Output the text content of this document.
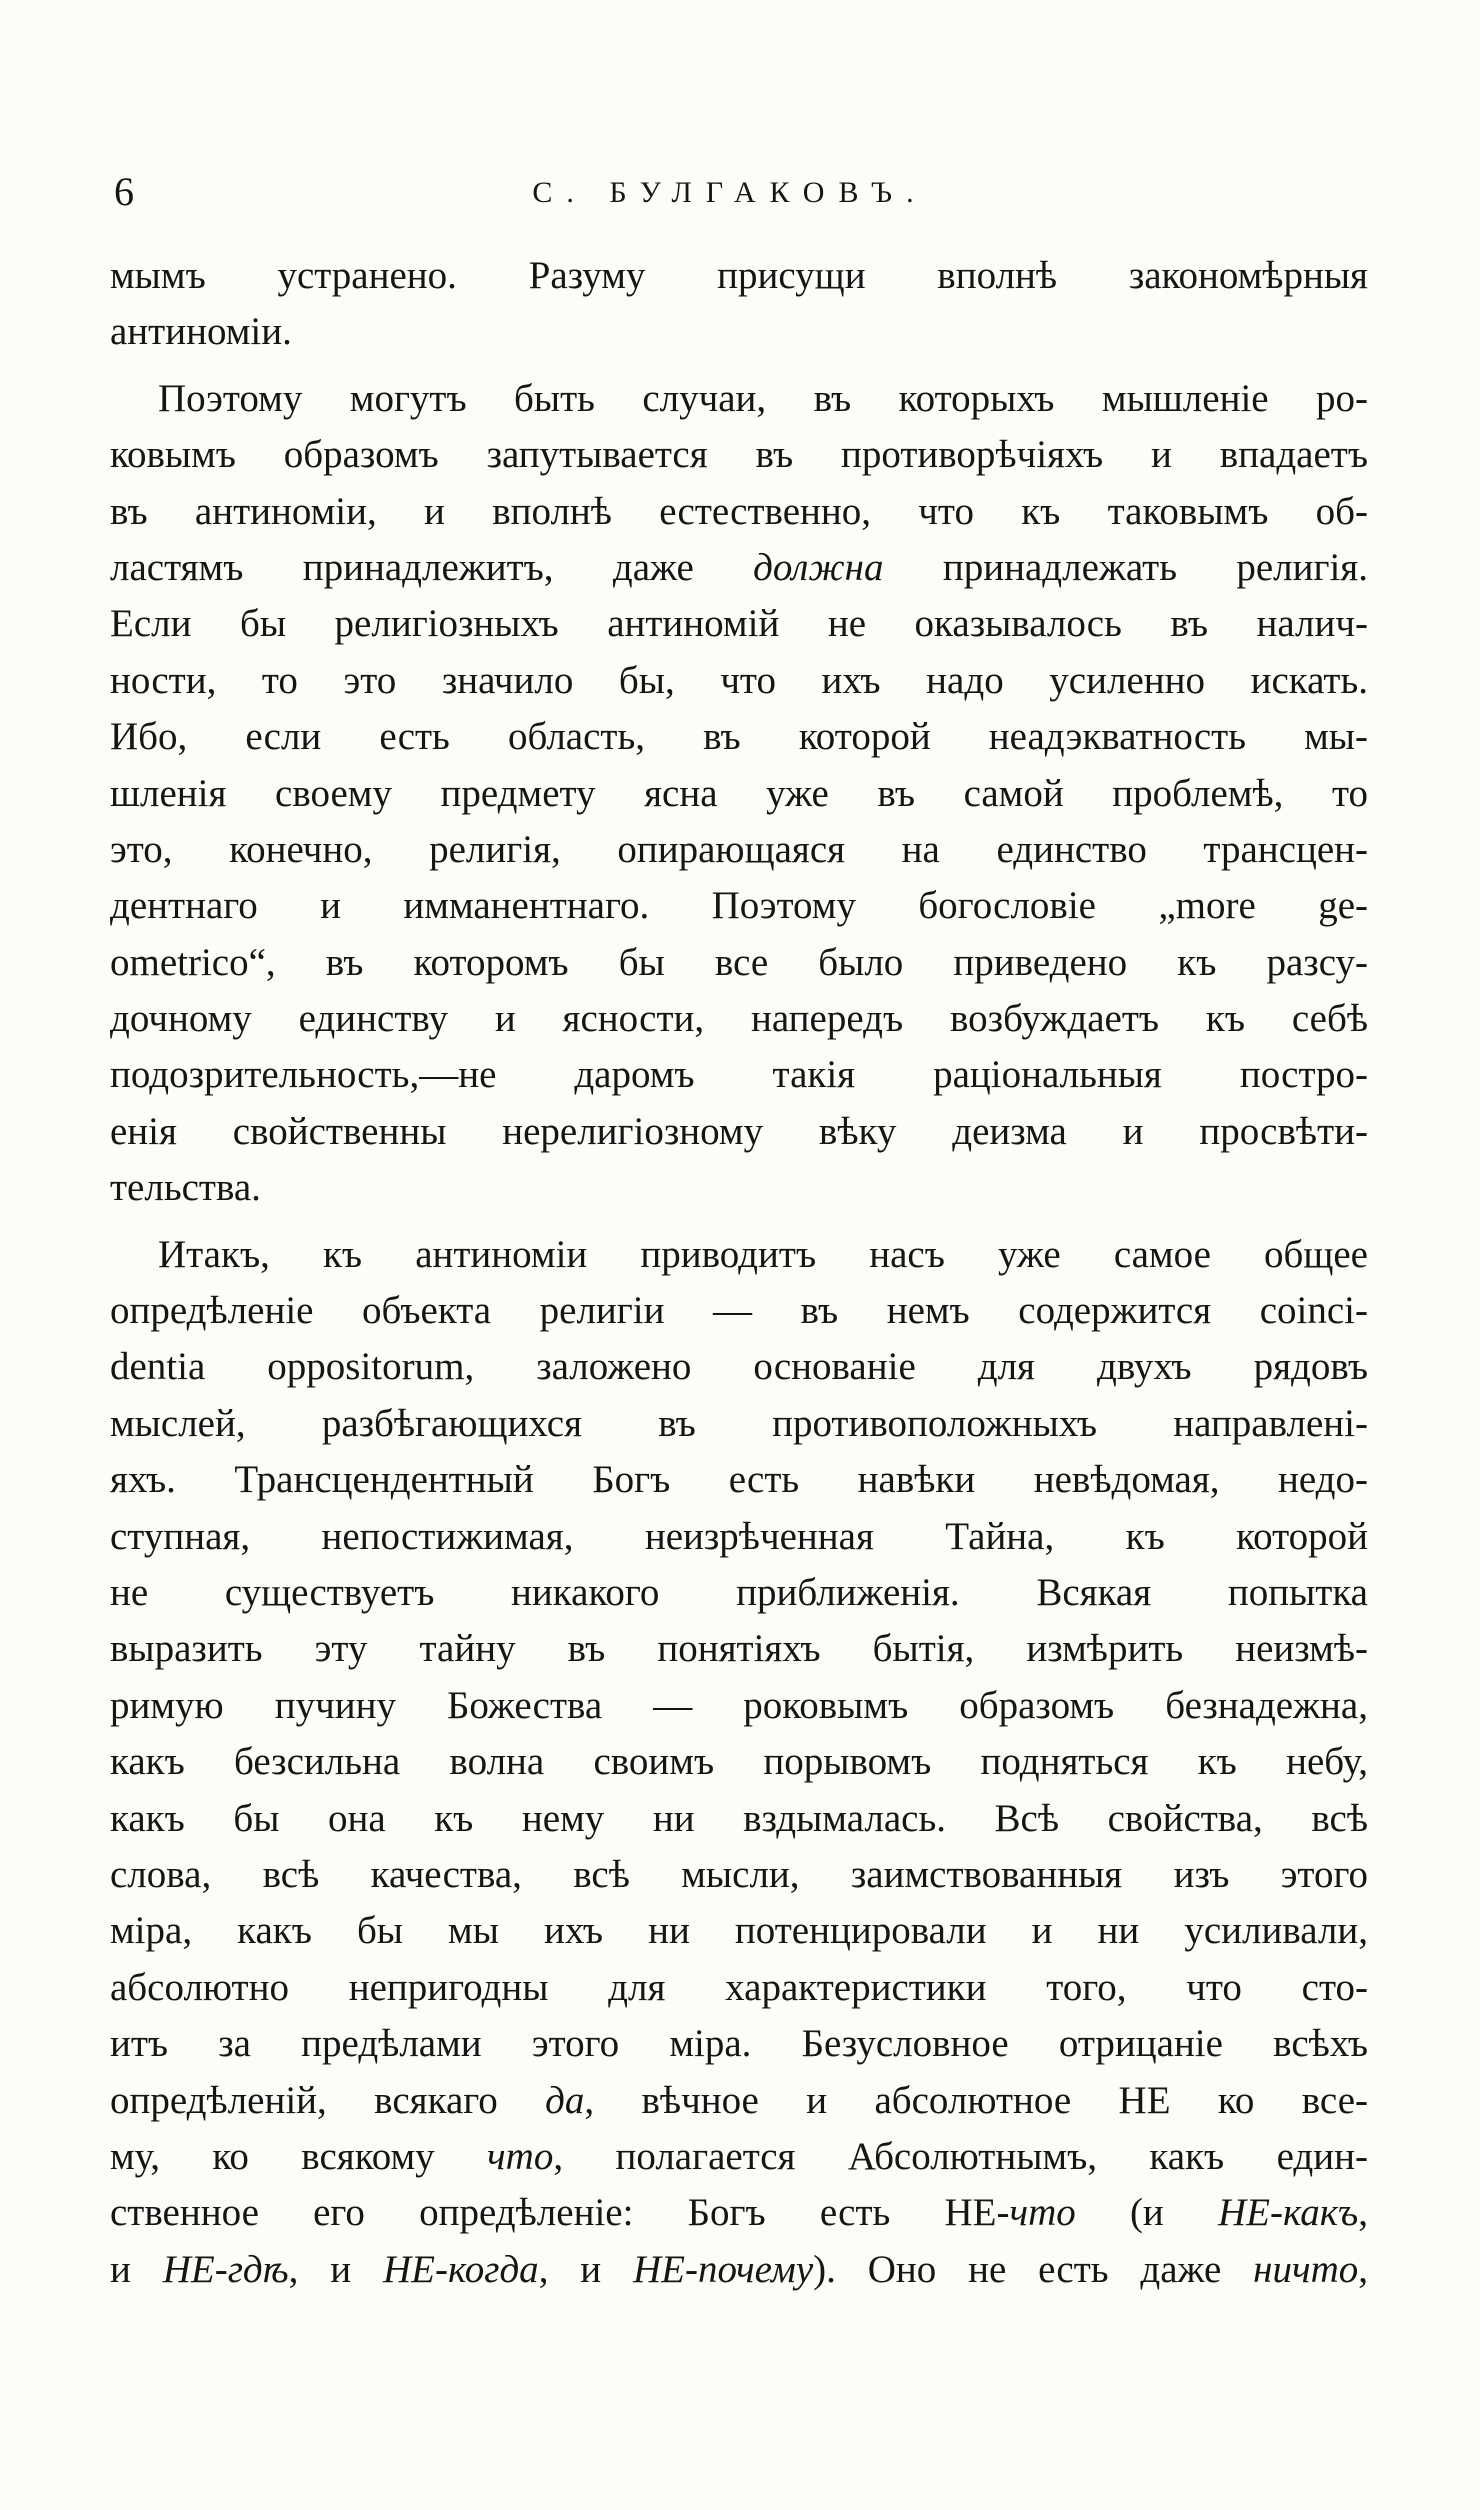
6	С. БУЛГАКОВЪ.
мымъ устранено. Разуму присущи вполнѣ закономѣрныя
антиноміи.
Поэтому могутъ быть случаи, въ которыхъ мышленіе ро-
ковымъ образомъ запутывается въ противорѣчіяхъ и впадаетъ
въ антиноміи, и вполнѣ естественно, что къ таковымъ об-
ластямъ принадлежитъ, даже должна принадлежать религія.
Если бы религіозныхъ антиномій не оказывалось въ налич-
ности, то это значило бы, что ихъ надо усиленно искать.
Ибо, если есть область, въ которой неадэкватность мы-
шленія своему предмету ясна уже въ самой проблемѣ, то
это, конечно, религія, опирающаяся на единство трансцен-
дентнаго и имманентнаго. Поэтому богословіе „more ge-
ometrico“, въ которомъ бы все было приведено къ разсу-
дочному единству и ясности, напередъ возбуждаетъ къ себѣ
подозрительность,—не даромъ такія раціональныя постро-
енія свойственны нерелигіозному вѣку деизма и просвѣти-
тельства.
Итакъ, къ антиноміи приводитъ насъ уже самое общее
опредѣленіе объекта религіи — въ немъ содержится coinci-
dentia oppositorum, заложено основаніе для двухъ рядовъ
мыслей, разбѣгающихся въ противоположныхъ направлені-
яхъ. Трансцендентный Богъ есть навѣки невѣдомая, недо-
ступная, непостижимая, неизрѣченная Тайна, къ которой
не существуетъ никакого приближенія. Всякая попытка
выразить эту тайну въ понятіяхъ бытія, измѣрить неизмѣ-
римую пучину Божества — роковымъ образомъ безнадежна,
какъ безсильна волна своимъ порывомъ подняться къ небу,
какъ бы она къ нему ни вздымалась. Всѣ свойства, всѣ
слова, всѣ качества, всѣ мысли, заимствованныя изъ этого
міра, какъ бы мы ихъ ни потенцировали и ни усиливали,
абсолютно непригодны для характеристики того, что сто-
итъ за предѣлами этого міра. Безусловное отрицаніе всѣхъ
опредѣленій, всякаго да, вѣчное и абсолютное НЕ ко все-
му, ко всякому что, полагается Абсолютнымъ, какъ един-
ственное его опредѣленіе: Богъ есть НЕ-что (и НЕ-какъ,
и НЕ-гдѣ, и НЕ-когда, и НЕ-почему). Оно не есть даже ничто,
